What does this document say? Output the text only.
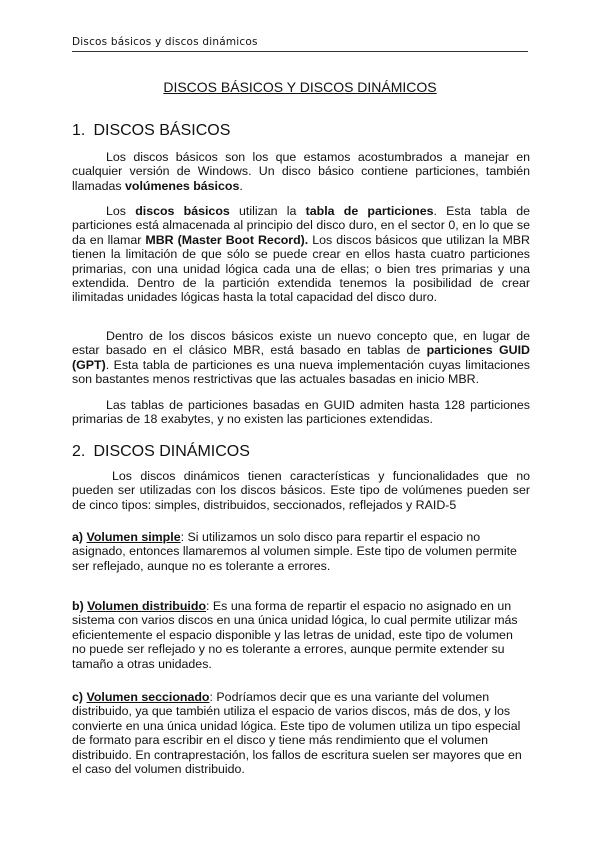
Discos básicos y discos dinámicos
DISCOS BÁSICOS Y DISCOS DINÁMICOS
1. DISCOS BÁSICOS

Los discos básicos son los que estamos acostumbrados a manejar en cualquier versión de Windows. Un disco básico contiene particiones, también llamadas volúmenes básicos.

Los discos básicos utilizan la tabla de particiones. Esta tabla de particiones está almacenada al principio del disco duro, en el sector 0, en lo que se da en llamar MBR (Master Boot Record). Los discos básicos que utilizan la MBR tienen la limitación de que sólo se puede crear en ellos hasta cuatro particiones primarias, con una unidad lógica cada una de ellas; o bien tres primarias y una extendida. Dentro de la partición extendida tenemos la posibilidad de crear ilimitadas unidades lógicas hasta la total capacidad del disco duro.

Dentro de los discos básicos existe un nuevo concepto que, en lugar de estar basado en el clásico MBR, está basado en tablas de particiones GUID (GPT). Esta tabla de particiones es una nueva implementación cuyas limitaciones son bastantes menos restrictivas que las actuales basadas en inicio MBR.

Las tablas de particiones basadas en GUID admiten hasta 128 particiones primarias de 18 exabytes, y no existen las particiones extendidas.

2. DISCOS DINÁMICOS

Los discos dinámicos tienen características y funcionalidades que no pueden ser utilizadas con los discos básicos. Este tipo de volúmenes pueden ser de cinco tipos: simples, distribuidos, seccionados, reflejados y RAID-5

a) Volumen simple: Si utilizamos un solo disco para repartir el espacio no asignado, entonces llamaremos al volumen simple. Este tipo de volumen permite ser reflejado, aunque no es tolerante a errores.

b) Volumen distribuido: Es una forma de repartir el espacio no asignado en un sistema con varios discos en una única unidad lógica, lo cual permite utilizar más eficientemente el espacio disponible y las letras de unidad, este tipo de volumen no puede ser reflejado y no es tolerante a errores, aunque permite extender su tamaño a otras unidades.

c) Volumen seccionado: Podríamos decir que es una variante del volumen distribuido, ya que también utiliza el espacio de varios discos, más de dos, y los convierte en una única unidad lógica. Este tipo de volumen utiliza un tipo especial de formato para escribir en el disco y tiene más rendimiento que el volumen distribuido. En contraprestación, los fallos de escritura suelen ser mayores que en el caso del volumen distribuido.
